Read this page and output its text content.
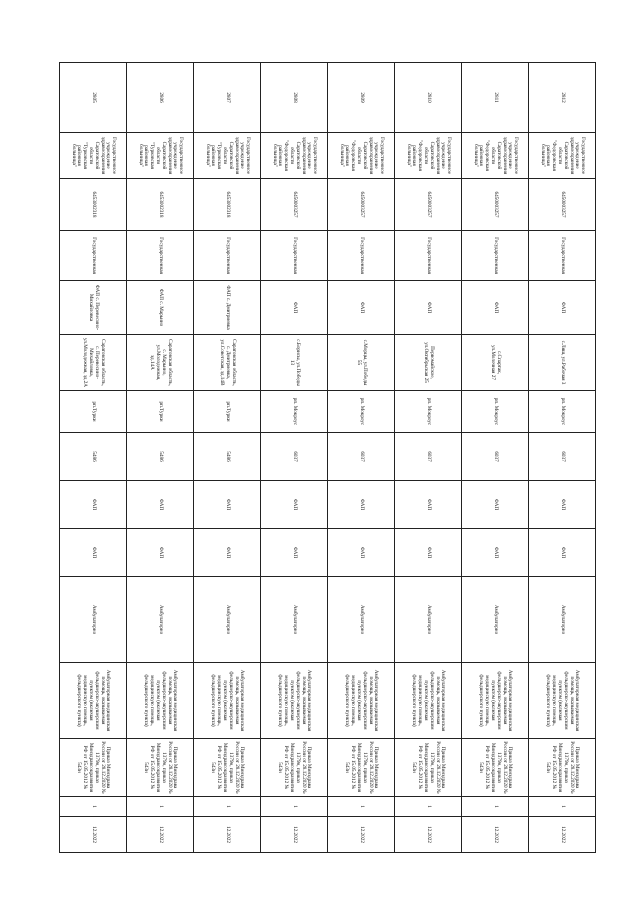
2812	Государственное учреждение здравоохранения Саратовской области "Федоровская районная больница"	6450003257	Государственная	ФАП	с.Ляш, ул.Рабочая 3	рп. Мокроус	6037	ФАП	ФАП	Амбулаторно	Амбулаторная медицинская помощь, оказываемая фельдшерско-акушерским пунктом (включая медицинскую помощь, фельдшерского пункта)	Приказ Минздрава России от 28.12.2020 № 1379н, приказ Минздравсоцразвития РФ от 15.05.2012 № 543н	1	12.2022
2811	Государственное учреждение здравоохранения Саратовской области "Федоровская районная больница"	6450003257	Государственная	ФАП	с.Спартак, ул.Молочная 27	рп. Мокроус	6037	ФАП	ФАП	Амбулаторно	Амбулаторная медицинская помощь, оказываемая фельдшерско-акушерским пунктом (включая медицинскую помощь, фельдшерского пункта)	Приказ Минздрава России от 28.12.2020 № 1379н, приказ Минздравсоцразвития РФ от 15.05.2012 № 543н	1	12.2022
2810	Государственное учреждение здравоохранения Саратовской области "Федоровская районная больница"	6450003257	Государственная	ФАП	Первомайское, ул.Октябрьская 25	рп. Мокроус	6037	ФАП	ФАП	Амбулаторно	Амбулаторная медицинская помощь, оказываемая фельдшерско-акушерским пунктом (включая медицинскую помощь, фельдшерского пункта)	Приказ Минздрава России от 28.12.2020 № 1379н, приказ Минздравсоцразвития РФ от 15.05.2012 № 543н	1	12.2022
2809	Государственное учреждение здравоохранения Саратовской области "Федоровская районная больница"	6450003257	Государственная	ФАП	с.Морцы, ул.Победы 55	рп. Мокроус	6037	ФАП	ФАП	Амбулаторно	Амбулаторная медицинская помощь, оказываемая фельдшерско-акушерским пунктом (включая медицинскую помощь, фельдшерского пункта)	Приказ Минздрава России от 28.12.2020 № 1379н, приказ Минздравсоцразвития РФ от 15.05.2012 № 543н	1	12.2022
2808	Государственное учреждение здравоохранения Саратовской области "Федоровская районная больница"	6450003257	Государственная	ФАП	с.Борисы, ул.Победы 13	рп. Мокроус	6037	ФАП	ФАП	Амбулаторно	Амбулаторная медицинская помощь, оказываемая фельдшерско-акушерским пунктом (включая медицинскую помощь, фельдшерского пункта)	Приказ Минздрава России от 28.12.2020 № 1379н, приказ Минздравсоцразвития РФ от 15.05.2012 № 543н	1	12.2022
2807	Государственное учреждение здравоохранения Саратовской области "Турковская районная больница"	6453002318	Государственная	ФАП с. Дмитриевка	Саратовская область, с. Дмитриевка, ул.Советская, зд.14В	рп.Турки	5486	ФАП	ФАП	Амбулаторно	Амбулаторная медицинская помощь, оказываемая фельдшерско-акушерским пунктом (включая медицинскую помощь, фельдшерского пункта)	Приказ Минздрава России от 28.12.2020 № 1379н, приказ Минздравсоцразвития РФ от 15.05.2012 № 543н	1	12.2022
2806	Государственное учреждение здравоохранения Саратовской области "Турковская районная больница"	6453002318	Государственная	ФАП с. Марьино	Саратовская область, с. Марьино, ул.Молодежная, зд.14А	рп.Турки	5486	ФАП	ФАП	Амбулаторно	Амбулаторная медицинская помощь, оказываемая фельдшерско-акушерским пунктом (включая медицинскую помощь, фельдшерского пункта)	Приказ Минздрава России от 28.12.2020 № 1379н, приказ Минздравсоцразвития РФ от 15.05.2012 № 543н	1	12.2022
2805	Государственное учреждение здравоохранения Саратовской области "Турковская районная больница"	6453002318	Государственная	ФАП с. Перевесино-Михайловка	Саратовская область, с. Перевесино-Михайловка, ул.Молодежная, зд.2А	рп.Турки	5486	ФАП	ФАП	Амбулаторно	Амбулаторная медицинская помощь, оказываемая фельдшерско-акушерским пунктом (включая медицинскую помощь, фельдшерского пункта)	Приказ Минздрава России от 28.12.2020 № 1379н, приказ Минздравсоцразвития РФ от 15.05.2012 № 543н	1	12.2022
